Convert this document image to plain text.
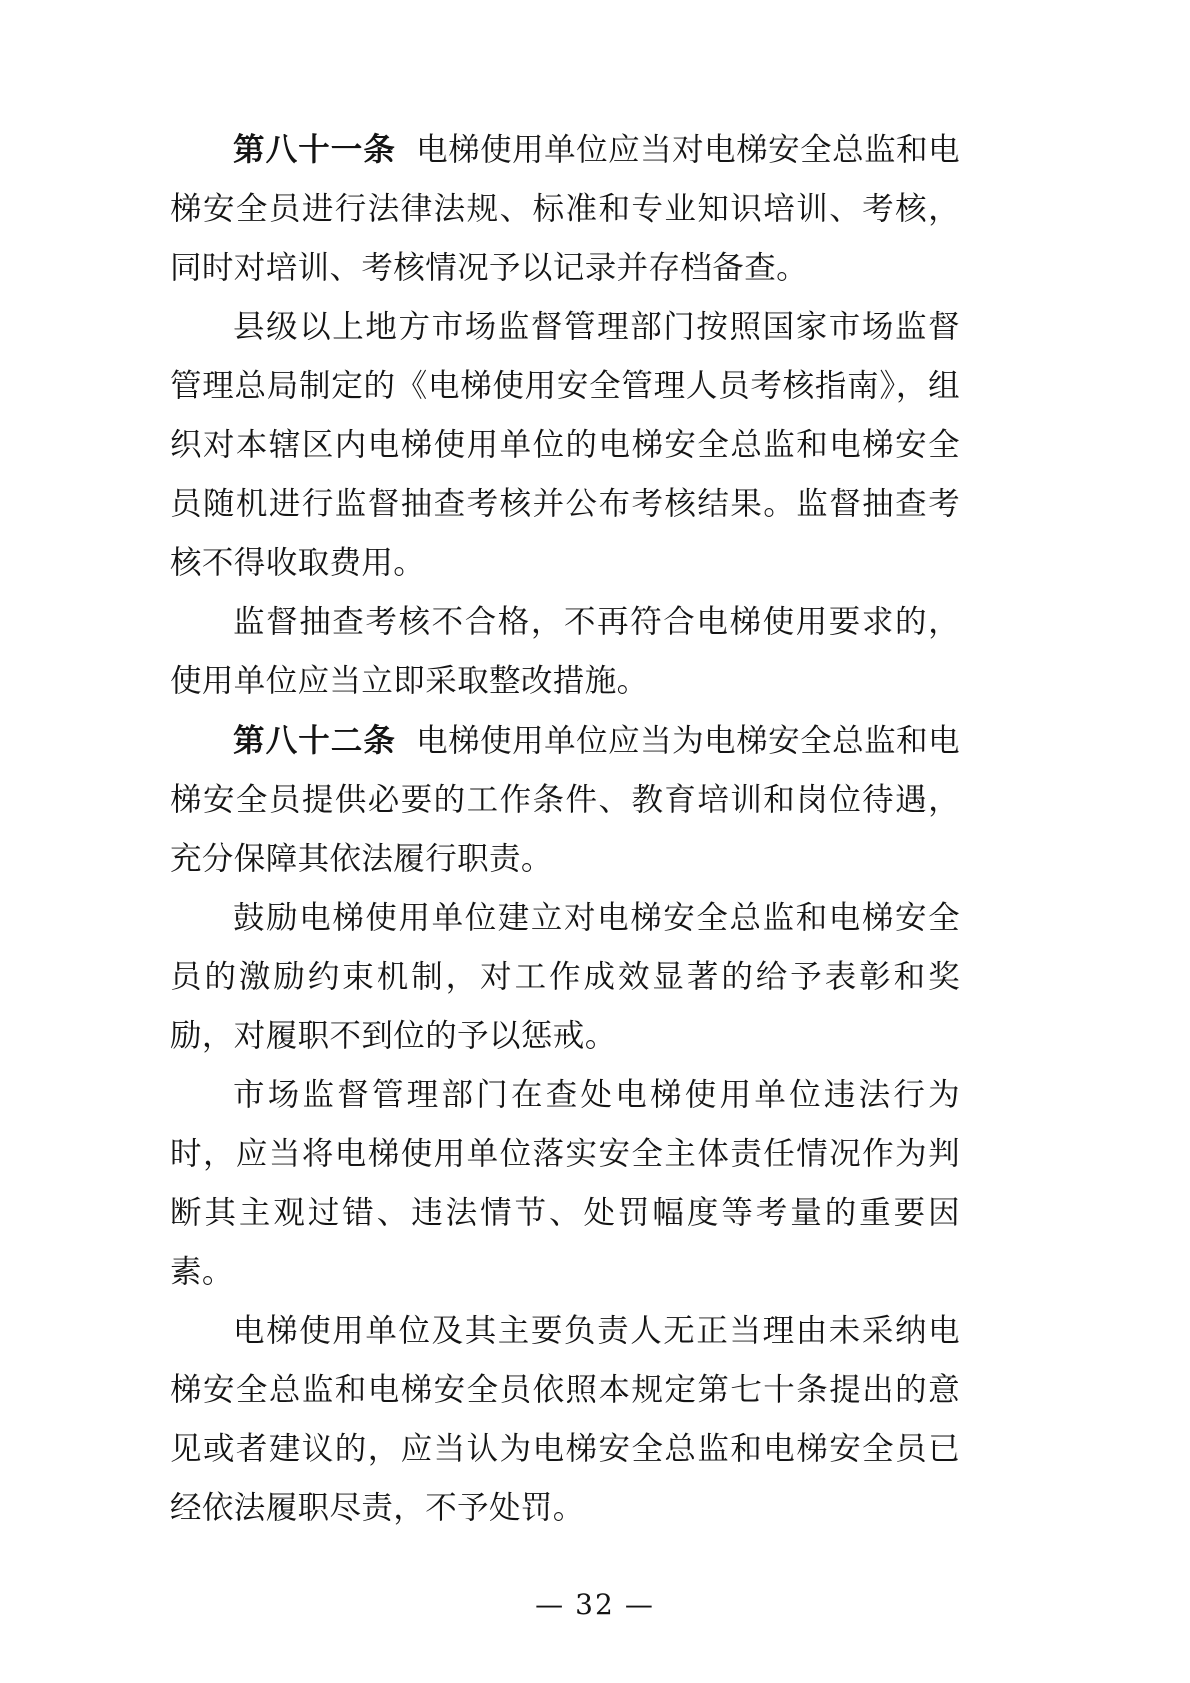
第八十一条 电梯使用单位应当对电梯安全总监和电梯安全员进行法律法规、标准和专业知识培训、考核，同时对培训、考核情况予以记录并存档备查。

县级以上地方市场监督管理部门按照国家市场监督管理总局制定的《电梯使用安全管理人员考核指南》，组织对本辖区内电梯使用单位的电梯安全总监和电梯安全员随机进行监督抽查考核并公布考核结果。监督抽查考核不得收取费用。

监督抽查考核不合格，不再符合电梯使用要求的，使用单位应当立即采取整改措施。

第八十二条 电梯使用单位应当为电梯安全总监和电梯安全员提供必要的工作条件、教育培训和岗位待遇，充分保障其依法履行职责。

鼓励电梯使用单位建立对电梯安全总监和电梯安全员的激励约束机制，对工作成效显著的给予表彰和奖励，对履职不到位的予以惩戒。

市场监督管理部门在查处电梯使用单位违法行为时，应当将电梯使用单位落实安全主体责任情况作为判断其主观过错、违法情节、处罚幅度等考量的重要因素。

电梯使用单位及其主要负责人无正当理由未采纳电梯安全总监和电梯安全员依照本规定第七十条提出的意见或者建议的，应当认为电梯安全总监和电梯安全员已经依法履职尽责，不予处罚。

— 32 —
